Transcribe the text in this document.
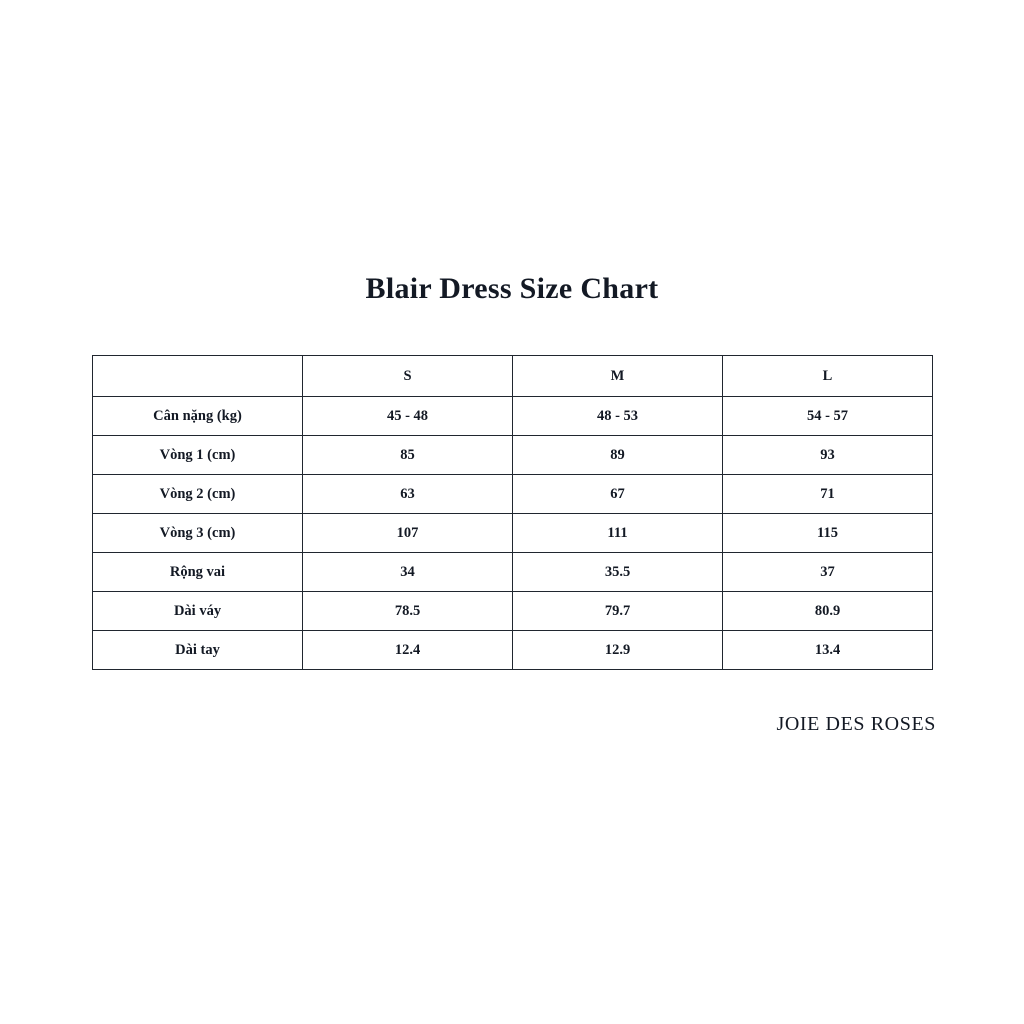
Blair Dress Size Chart
	S	M	L
Cân nặng (kg)	45 - 48	48 - 53	54 - 57
Vòng 1 (cm)	85	89	93
Vòng 2 (cm)	63	67	71
Vòng 3 (cm)	107	111	115
Rộng vai	34	35.5	37
Dài váy	78.5	79.7	80.9
Dài tay	12.4	12.9	13.4
JOIE DES ROSES
